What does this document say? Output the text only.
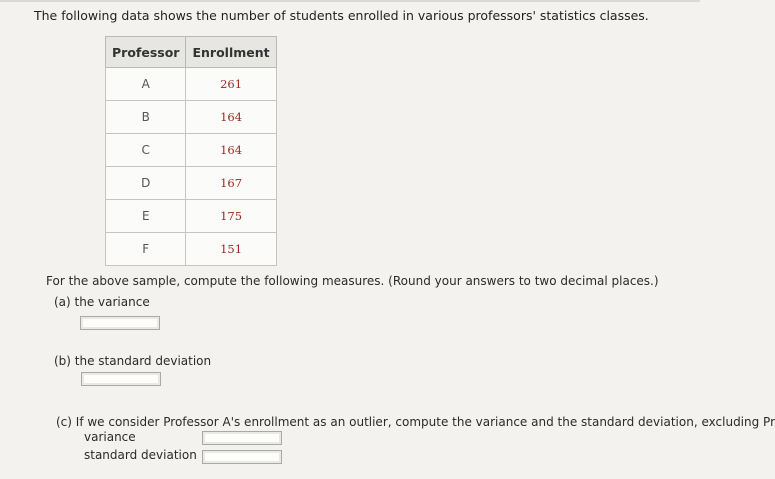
The following data shows the number of students enrolled in various professors' statistics classes.
Professor	Enrollment
A	261
B	164
C	164
D	167
E	175
F	151
For the above sample, compute the following measures. (Round your answers to two decimal places.)
(a) the variance
(b) the standard deviation
(c) If we consider Professor A's enrollment as an outlier, compute the variance and the standard deviation, excluding Pr
variance
standard deviation
